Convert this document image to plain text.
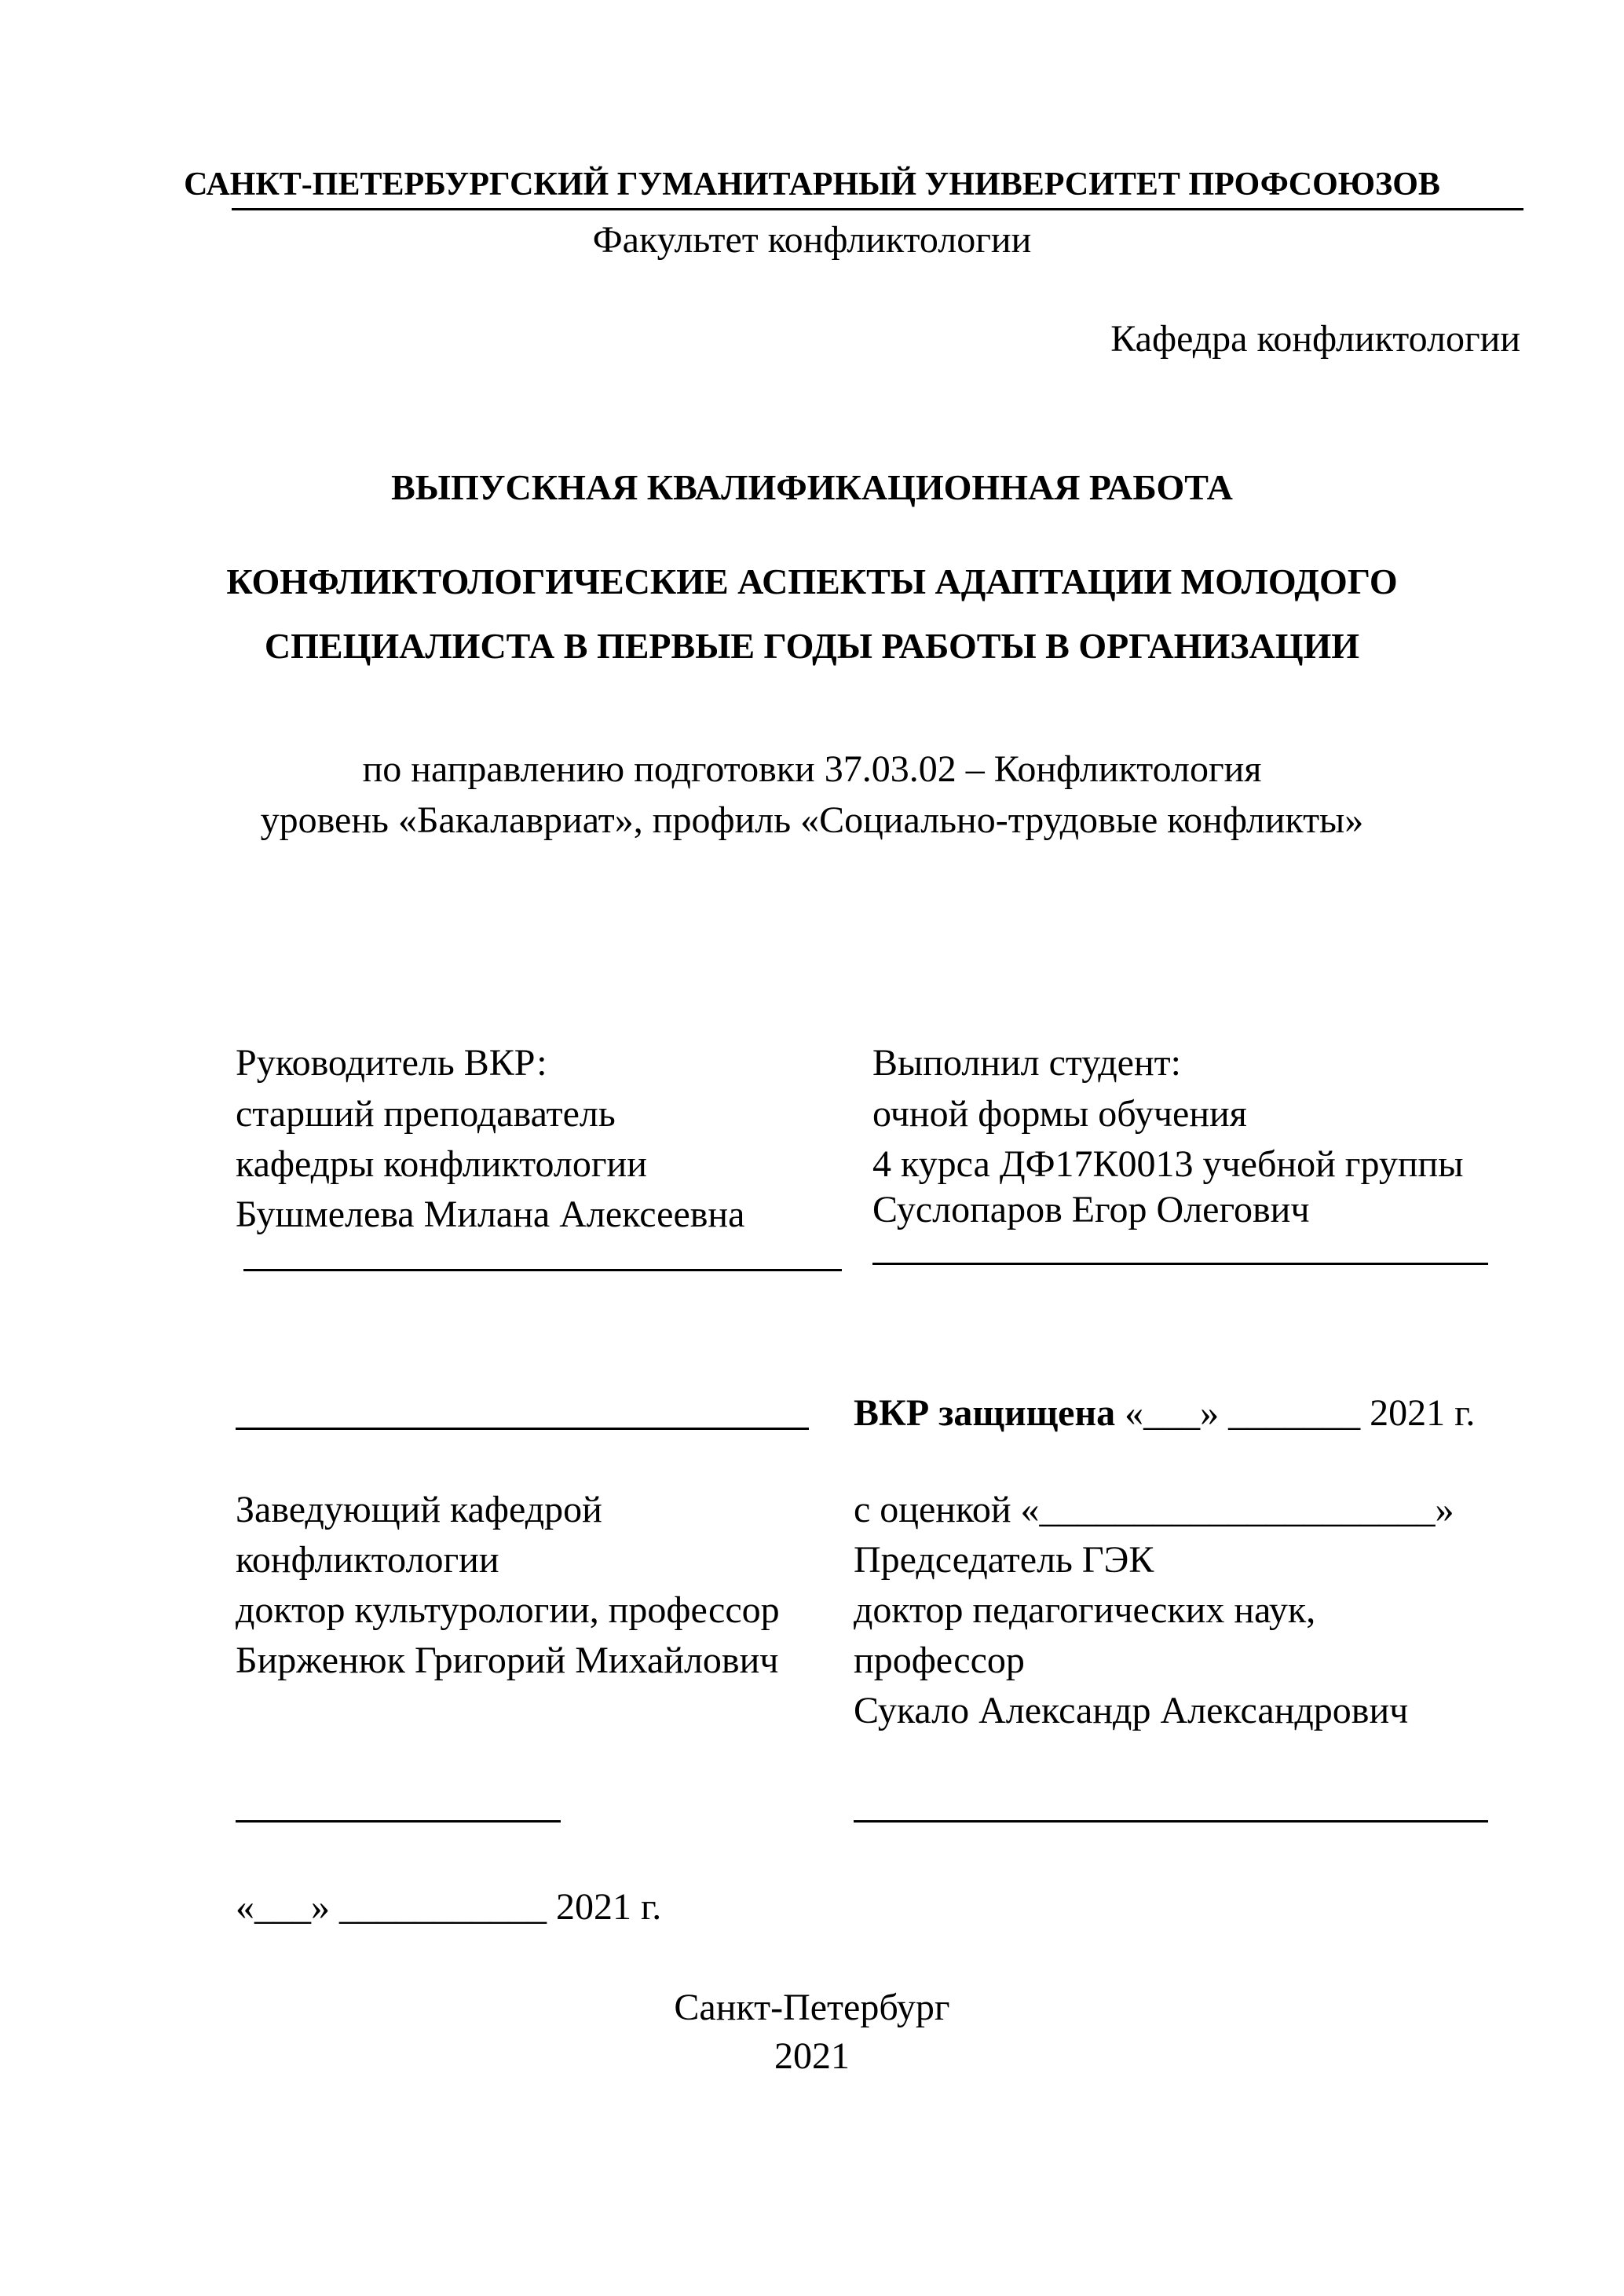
САНКТ-ПЕТЕРБУРГСКИЙ ГУМАНИТАРНЫЙ УНИВЕРСИТЕТ ПРОФСОЮЗОВ
Факультет конфликтологии
Кафедра конфликтологии
ВЫПУСКНАЯ КВАЛИФИКАЦИОННАЯ РАБОТА
КОНФЛИКТОЛОГИЧЕСКИЕ АСПЕКТЫ АДАПТАЦИИ МОЛОДОГО
СПЕЦИАЛИСТА В ПЕРВЫЕ ГОДЫ РАБОТЫ В ОРГАНИЗАЦИИ
по направлению подготовки 37.03.02 – Конфликтология
уровень «Бакалавриат», профиль «Социально-трудовые конфликты»
Руководитель ВКР:
старший преподаватель
кафедры конфликтологии
Бушмелева Милана Алексеевна
Выполнил студент:
очной формы обучения
4 курса ДФ17К0013 учебной группы
Суслопаров Егор Олегович
ВКР защищена «___» _______ 2021 г.
Заведующий кафедрой
конфликтологии
доктор культурологии, профессор
Бирженюк Григорий Михайлович
«___» ___________ 2021 г.
с оценкой «_____________________»
Председатель ГЭК
доктор педагогических наук,
профессор
Сукало Александр Александрович
Санкт-Петербург
2021
